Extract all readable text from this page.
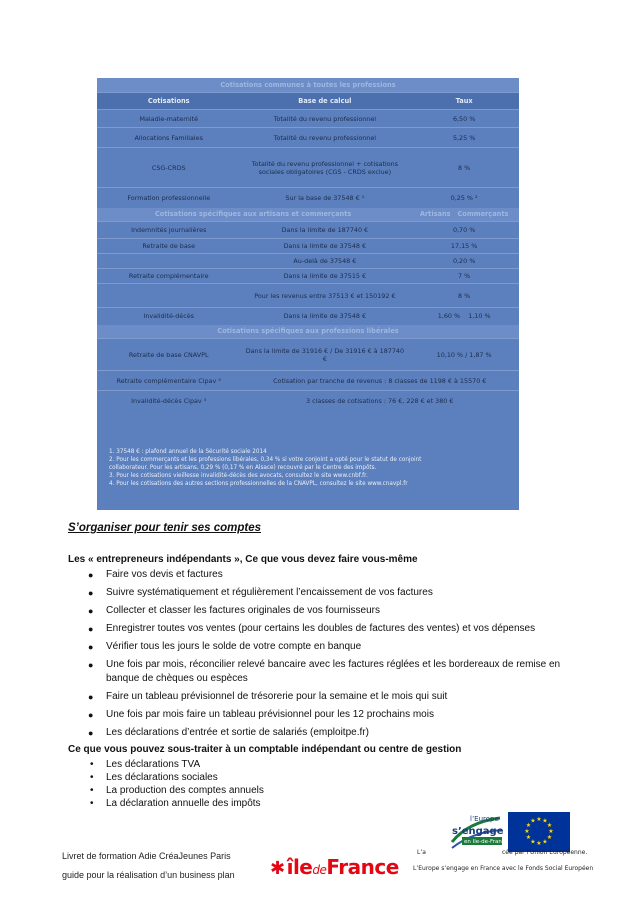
Cotisations communes à toutes les professions		
Cotisations	Base de calcul	Taux
Maladie-maternité	Totalité du revenu professionnel	6,50 %
Allocations Familiales	Totalité du revenu professionnel	5,25 %
CSG-CRDS	Totalité du revenu professionnel + cotisations sociales obligatoires (CGS - CRDS exclue)	8 %
Formation professionnelle	Sur la base de 37548 € ¹	0,25 % ²
Cotisations spécifiques aux artisans et commerçants		Artisans Commerçants
Indemnités journalières	Dans la limite de 187740 €	0,70 %
Retraite de base	Dans la limite de 37548 €	17,15 %
	Au-delà de 37548 €	0,20 %
Retraite complémentaire	Dans la limite de 37515 €	7 %
	Pour les revenus entre 37513 € et 150192 €	8 %
Invalidité-décès	Dans la limite de 37548 €	1,60 % 1,10 %
Cotisations spécifiques aux professions libérales		
Retraite de base CNAVPL	Dans la limite de 31916 € / De 31916 € à 187740 €	10,10 % / 1,87 %
Retraite complémentaire Cipav ³	Cotisation par tranche de revenus : 8 classes de 1198 € à 15570 €	
Invalidité-décès Cipav ³	3 classes de cotisations : 76 €, 228 € et 380 €	
1. 37548 € : plafond annuel de la Sécurité sociale 2014
2. Pour les commerçants et les professions libérales, 0,34 % si votre conjoint a opté pour le statut de conjoint
collaborateur. Pour les artisans, 0,29 % (0,17 % en Alsace) recouvré par le Centre des impôts.
3. Pour les cotisations vieillesse invalidité-décès des avocats, consultez le site www.cnbf.fr.
4. Pour les cotisations des autres sections professionnelles de la CNAVPL, consultez le site www.cnavpl.fr
S’organiser pour tenir ses comptes
Les « entrepreneurs indépendants », Ce que vous devez faire vous-même
● Faire vos devis et factures
● Suivre systématiquement et régulièrement l’encaissement de vos factures
● Collecter et classer les factures originales de vos fournisseurs
● Enregistrer toutes vos ventes (pour certains les doubles de factures des ventes) et vos dépenses
● Vérifier tous les jours le solde de votre compte en banque
● Une fois par mois, réconcilier relevé bancaire avec les factures réglées et les bordereaux de remise en banque de chèques ou espèces
● Faire un tableau prévisionnel de trésorerie pour la semaine et le mois qui suit
● Une fois par mois faire un tableau prévisionnel pour les 12 prochains mois
● Les déclarations d’entrée et sortie de salariés (emploitpe.fr)
Ce que vous pouvez sous-traiter à un comptable indépendant ou centre de gestion
• Les déclarations TVA
• Les déclarations sociales
• La production des comptes annuels
• La déclaration annuelle des impôts
Livret de formation Adie CréaJeunes Paris
guide pour la réalisation d’un business plan ✱ îledeFrance
l’Europe
s’engage
en Ile-de-France
★ ★
★
★
★
★
★
★
★
★
★
★
L’a	cée par l’Union Européenne.
L’Europe s’engage en France avec le Fonds Social Européen
